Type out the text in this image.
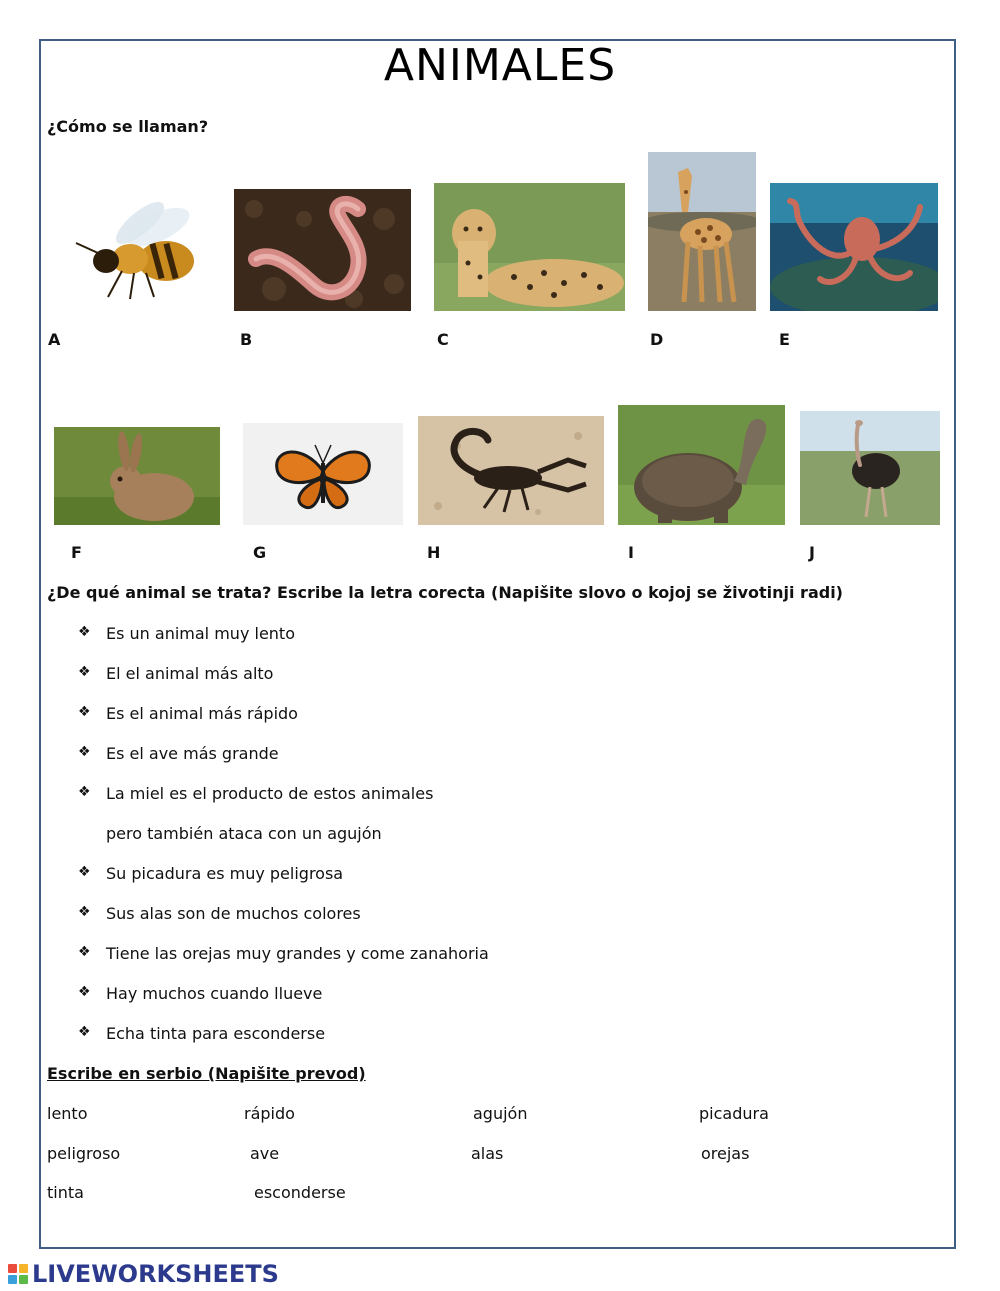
ANIMALES
¿Cómo se llaman?
A	B	C	D	E
F	G	H	I	J
¿De qué animal se trata? Escribe la letra corecta (Napišite slovo o kojoj se životinji radi)
❖ Es un animal muy lento
❖ El el animal más alto
❖ Es el animal más rápido
❖ Es el ave más grande
❖ La miel es el producto de estos animales
pero también ataca con un agujón
❖ Su picadura es muy peligrosa
❖ Sus alas son de muchos colores
❖ Tiene las orejas muy grandes y come zanahoria
❖ Hay muchos cuando llueve
❖ Echa tinta para esconderse
Escribe en serbio (Napišite prevod)
lento	rápido	agujón	picadura
peligroso	ave	alas	orejas
tinta	esconderse
LIVEWORKSHEETS
